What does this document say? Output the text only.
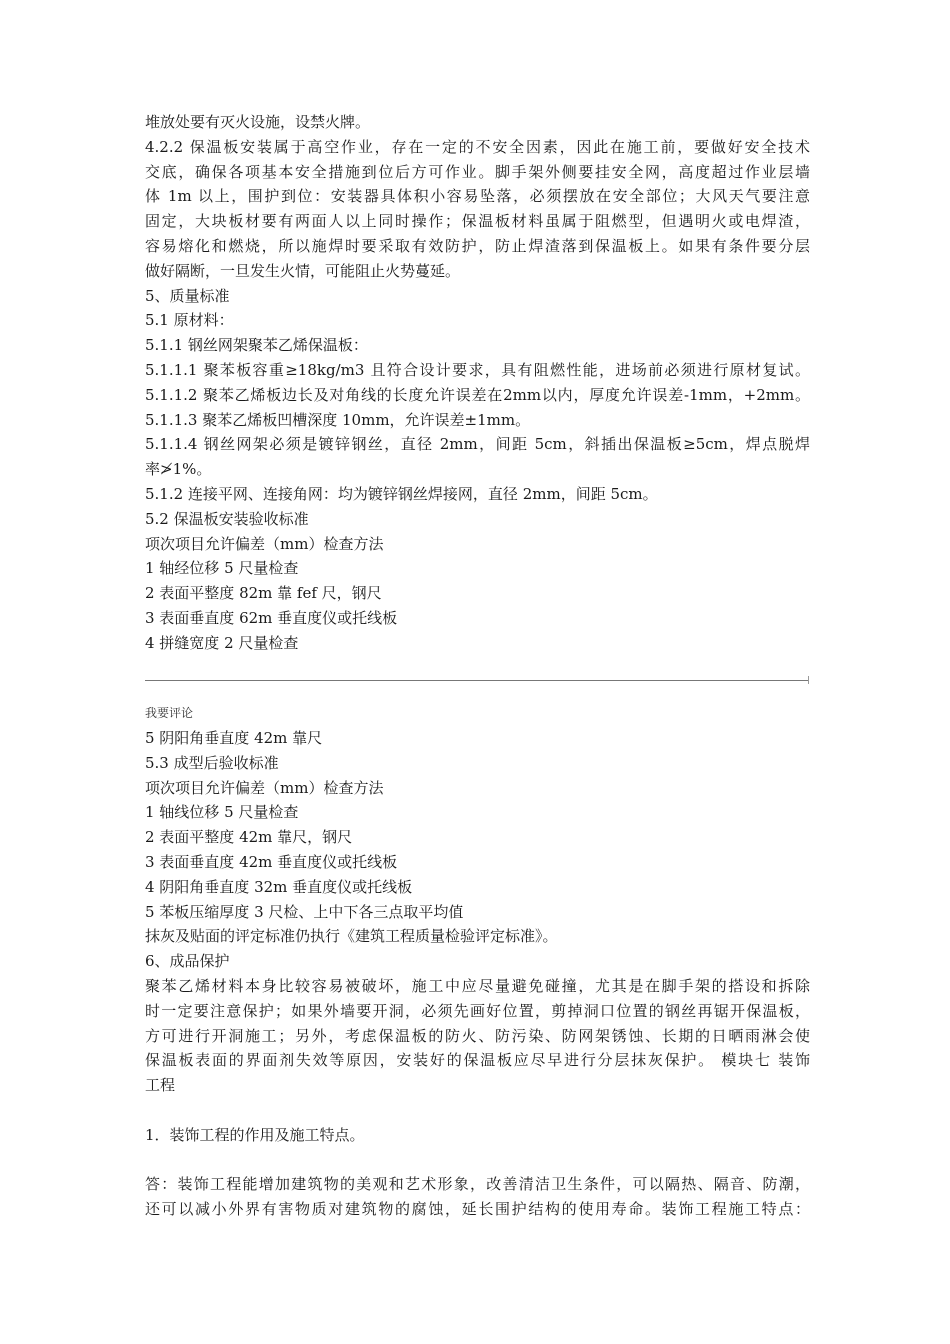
堆放处要有灭火设施，设禁火牌。
4.2.2 保温板安装属于高空作业，存在一定的不安全因素，因此在施工前，要做好安全技术
交底，确保各项基本安全措施到位后方可作业。脚手架外侧要挂安全网，高度超过作业层墙
体 1m 以上，围护到位：安装器具体积小容易坠落，必须摆放在安全部位；大风天气要注意
固定，大块板材要有两面人以上同时操作；保温板材料虽属于阻燃型，但遇明火或电焊渣，
容易熔化和燃烧，所以施焊时要采取有效防护，防止焊渣落到保温板上。如果有条件要分层
做好隔断，一旦发生火情，可能阻止火势蔓延。
5、质量标准
5.1 原材料：
5.1.1 钢丝网架聚苯乙烯保温板：
5.1.1.1 聚苯板容重≥18kg/m3 且符合设计要求，具有阻燃性能，进场前必须进行原材复试。
5.1.1.2 聚苯乙烯板边长及对角线的长度允许误差在2mm以内，厚度允许误差-1mm，+2mm。
5.1.1.3 聚苯乙烯板凹槽深度 10mm，允许误差±1mm。
5.1.1.4 钢丝网架必须是镀锌钢丝，直径 2mm，间距 5cm，斜插出保温板≥5cm，焊点脱焊
率≯1%。
5.1.2 连接平网、连接角网：均为镀锌钢丝焊接网，直径 2mm，间距 5cm。
5.2 保温板安装验收标准
项次项目允许偏差（mm）检查方法
1 轴经位移 5 尺量检查
2 表面平整度 82m 靠 fef 尺，钢尺
3 表面垂直度 62m 垂直度仪或托线板
4 拼缝宽度 2 尺量检查
我要评论
5 阴阳角垂直度 42m 靠尺
5.3 成型后验收标准
项次项目允许偏差（mm）检查方法
1 轴线位移 5 尺量检查
2 表面平整度 42m 靠尺，钢尺
3 表面垂直度 42m 垂直度仪或托线板
4 阴阳角垂直度 32m 垂直度仪或托线板
5 苯板压缩厚度 3 尺检、上中下各三点取平均值
抹灰及贴面的评定标准仍执行《建筑工程质量检验评定标准》。
6、成品保护
聚苯乙烯材料本身比较容易被破坏，施工中应尽量避免碰撞，尤其是在脚手架的搭设和拆除
时一定要注意保护；如果外墙要开洞，必须先画好位置，剪掉洞口位置的钢丝再锯开保温板，
方可进行开洞施工；另外，考虑保温板的防火、防污染、防网架锈蚀、长期的日晒雨淋会使
保温板表面的界面剂失效等原因，安装好的保温板应尽早进行分层抹灰保护。 模块七 装饰
工程
1．装饰工程的作用及施工特点。
答：装饰工程能增加建筑物的美观和艺术形象，改善清洁卫生条件，可以隔热、隔音、防潮，
还可以减小外界有害物质对建筑物的腐蚀，延长围护结构的使用寿命。装饰工程施工特点：
